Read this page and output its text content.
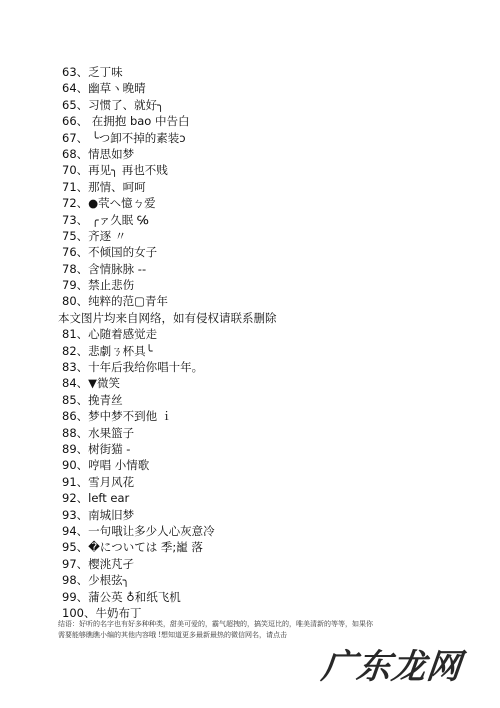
63、乏丁味
64、幽草ヽ晚晴
65、习惯了、就好╮
66、 在拥抱 bao 中告白
67、 ╰つ卸不掉的素装ↄ
68、情思如梦
70、再见╮ 再也不贱
71、那情、呵呵
72、●茕ヘ憶ㄅ爱
73、 ╭ァ久眠 ℅
75、齐逐 〃
76、不倾国的女子
78、含情脉脉 --
79、禁止悲伤
80、纯粹的范▢青年
本文图片均来自网络，如有侵权请联系删除
81、心随着感觉走
82、悲劇ㄋ杯具╰
83、十年后我给你唱十年。
84、▼微笑
85、挽青丝
86、梦中梦不到他 ｉ
88、水果篮子
89、树街猫 -
90、哼唱 小情歌
91、雪月风花
92、left ear
93、南城旧梦
94、一句哦让多少人心灰意冷
95、�については 季;巃 落
97、樱洮芃孑
98、少根弦╮
99、蒲公英 ♁和纸飞机
100、牛奶布丁
结语：好听的名字也有好多种种类，甜美可爱的，霸气超拽的，搞笑逗比的，唯美清新的等等，如果你
需要能够瞧瞧小编的其他内容哦 !想知道更多最新最热的微信网名，请点击
广东龙网
